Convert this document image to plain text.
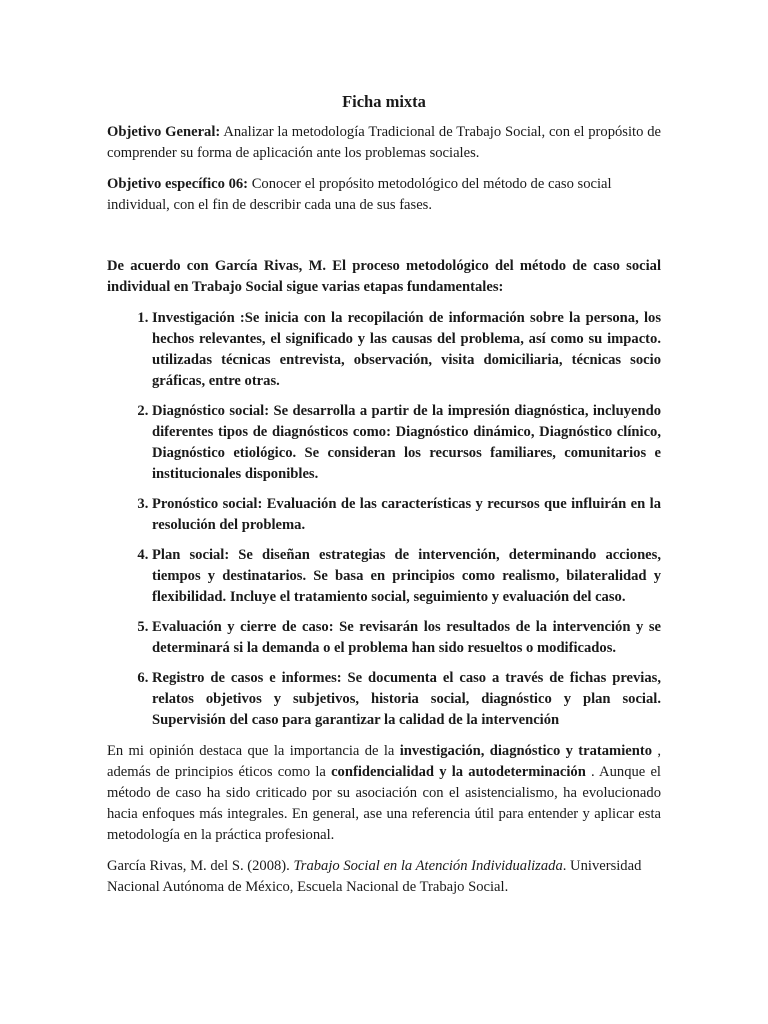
Ficha mixta

Objetivo General: Analizar la metodología Tradicional de Trabajo Social, con el propósito de comprender su forma de aplicación ante los problemas sociales.

Objetivo específico 06: Conocer el propósito metodológico del método de caso social individual, con el fin de describir cada una de sus fases.

De acuerdo con García Rivas, M. El proceso metodológico del método de caso social individual en Trabajo Social sigue varias etapas fundamentales:

1. Investigación :Se inicia con la recopilación de información sobre la persona, los hechos relevantes, el significado y las causas del problema, así como su impacto. utilizadas técnicas entrevista, observación, visita domiciliaria, técnicas socio gráficas, entre otras.
2. Diagnóstico social: Se desarrolla a partir de la impresión diagnóstica, incluyendo diferentes tipos de diagnósticos como: Diagnóstico dinámico, Diagnóstico clínico, Diagnóstico etiológico. Se consideran los recursos familiares, comunitarios e institucionales disponibles.
3. Pronóstico social: Evaluación de las características y recursos que influirán en la resolución del problema.
4. Plan social: Se diseñan estrategias de intervención, determinando acciones, tiempos y destinatarios. Se basa en principios como realismo, bilateralidad y flexibilidad. Incluye el tratamiento social, seguimiento y evaluación del caso.
5. Evaluación y cierre de caso: Se revisarán los resultados de la intervención y se determinará si la demanda o el problema han sido resueltos o modificados.
6. Registro de casos e informes: Se documenta el caso a través de fichas previas, relatos objetivos y subjetivos, historia social, diagnóstico y plan social. Supervisión del caso para garantizar la calidad de la intervención

En mi opinión destaca que la importancia de la investigación, diagnóstico y tratamiento , además de principios éticos como la confidencialidad y la autodeterminación . Aunque el método de caso ha sido criticado por su asociación con el asistencialismo, ha evolucionado hacia enfoques más integrales. En general, ase una referencia útil para entender y aplicar esta metodología en la práctica profesional.

García Rivas, M. del S. (2008). Trabajo Social en la Atención Individualizada. Universidad Nacional Autónoma de México, Escuela Nacional de Trabajo Social.
